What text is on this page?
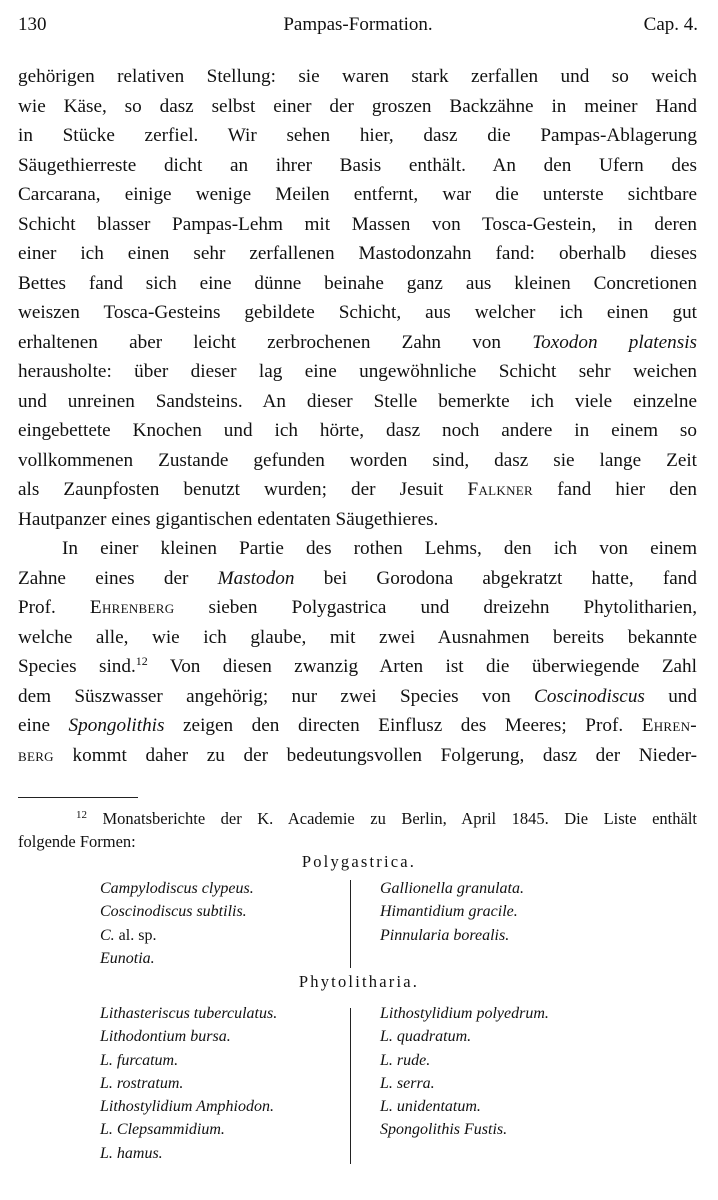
130	Pampas-Formation.	Cap. 4.
gehörigen relativen Stellung: sie waren stark zerfallen und so weich
wie Käse, so dasz selbst einer der groszen Backzähne in meiner Hand
in Stücke zerfiel. Wir sehen hier, dasz die Pampas-Ablagerung
Säugethierreste dicht an ihrer Basis enthält. An den Ufern des
Carcarana, einige wenige Meilen entfernt, war die unterste sichtbare
Schicht blasser Pampas-Lehm mit Massen von Tosca-Gestein, in deren
einer ich einen sehr zerfallenen Mastodonzahn fand: oberhalb dieses
Bettes fand sich eine dünne beinahe ganz aus kleinen Concretionen
weiszen Tosca-Gesteins gebildete Schicht, aus welcher ich einen gut
erhaltenen aber leicht zerbrochenen Zahn von Toxodon platensis
herausholte: über dieser lag eine ungewöhnliche Schicht sehr weichen
und unreinen Sandsteins. An dieser Stelle bemerkte ich viele einzelne
eingebettete Knochen und ich hörte, dasz noch andere in einem so
vollkommenen Zustande gefunden worden sind, dasz sie lange Zeit
als Zaunpfosten benutzt wurden; der Jesuit Falkner fand hier den
Hautpanzer eines gigantischen edentaten Säugethieres.
In einer kleinen Partie des rothen Lehms, den ich von einem
Zahne eines der Mastodon bei Gorodona abgekratzt hatte, fand
Prof. Ehrenberg sieben Polygastrica und dreizehn Phytolitharien,
welche alle, wie ich glaube, mit zwei Ausnahmen bereits bekannte
Species sind.$^{12}$ Von diesen zwanzig Arten ist die überwiegende Zahl
dem Süszwasser angehörig; nur zwei Species von Coscinodiscus und
eine Spongolithis zeigen den directen Einflusz des Meeres; Prof. Ehren-
berg kommt daher zu der bedeutungsvollen Folgerung, dasz der Nieder-
$^{12}$ Monatsberichte der K. Academie zu Berlin, April 1845. Die Liste enthält
folgende Formen:
Polygastrica.
Campylodiscus clypeus.
Coscinodiscus subtilis.
C. al. sp.
Eunotia.
Gallionella granulata.
Himantidium gracile.
Pinnularia borealis.
Phytolitharia.
Lithasteriscus tuberculatus.
Lithodontium bursa.
L. furcatum.
L. rostratum.
Lithostylidium Amphiodon.
L. Clepsammidium.
L. hamus.
Lithostylidium polyedrum.
L. quadratum.
L. rude.
L. serra.
L. unidentatum.
Spongolithis Fustis.
